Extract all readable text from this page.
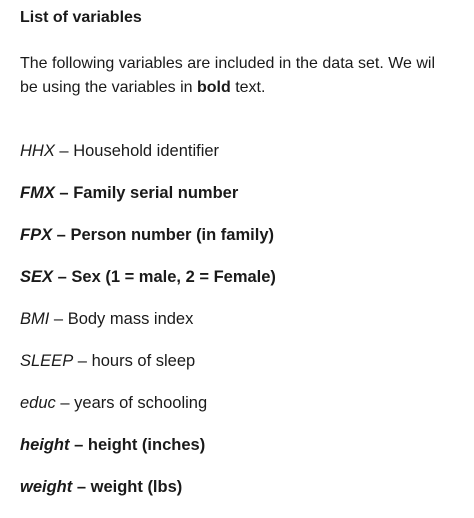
List of variables

The following variables are included in the data set. We wil
be using the variables in bold text.

HHX – Household identifier
FMX – Family serial number
FPX – Person number (in family)
SEX – Sex (1 = male, 2 = Female)
BMI – Body mass index
SLEEP – hours of sleep
educ – years of schooling
height – height (inches)
weight – weight (lbs)
